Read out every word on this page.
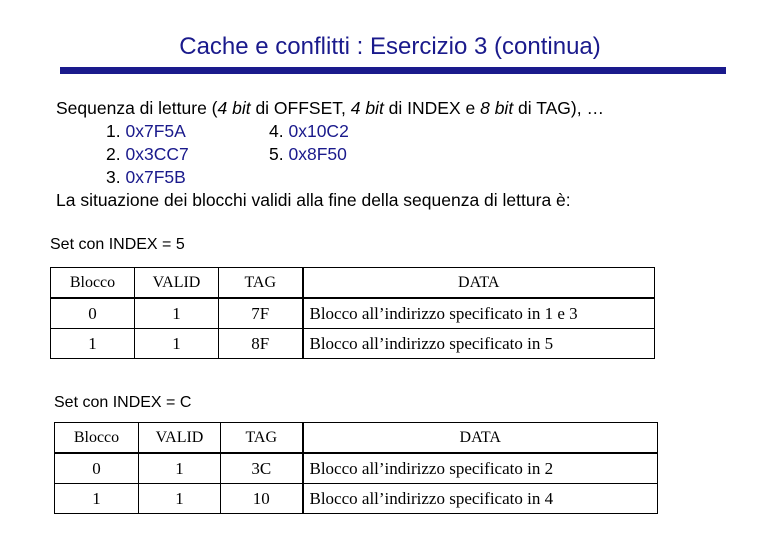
Cache e conflitti : Esercizio 3 (continua)
Sequenza di letture (4 bit di OFFSET, 4 bit di INDEX e 8 bit di TAG), …
1. 0x7F5A	4. 0x10C2
2. 0x3CC7	5. 0x8F50
3. 0x7F5B
La situazione dei blocchi validi alla fine della sequenza di lettura è:
Set con INDEX = 5
Blocco	VALID	TAG	DATA
0	1	7F	Blocco all’indirizzo specificato in 1 e 3
1	1	8F	Blocco all’indirizzo specificato in 5
Set con INDEX = C
Blocco	VALID	TAG	DATA
0	1	3C	Blocco all’indirizzo specificato in 2
1	1	10	Blocco all’indirizzo specificato in 4
